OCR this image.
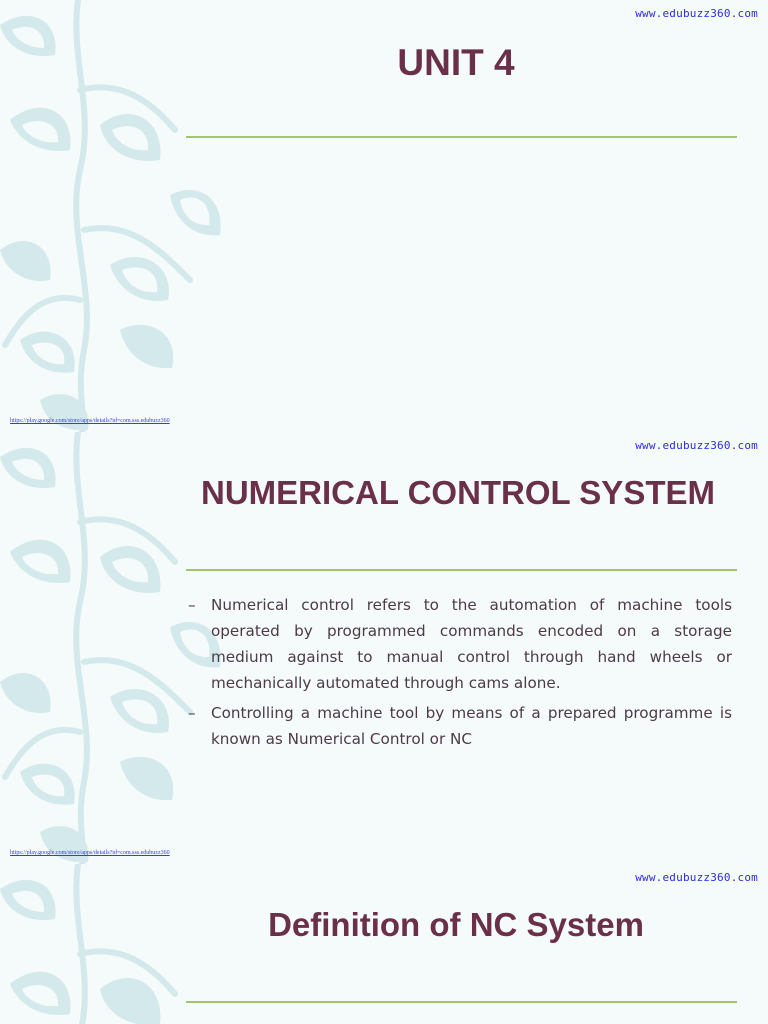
www.edubuzz360.com
UNIT 4
https://play.google.com/store/apps/details?id=com.sss.edubuzz360
www.edubuzz360.com
NUMERICAL CONTROL SYSTEM
– Numerical control refers to the automation of machine tools operated by programmed commands encoded on a storage medium against to manual control through hand wheels or mechanically automated through cams alone.
– Controlling a machine tool by means of a prepared programme is known as Numerical Control or NC
https://play.google.com/store/apps/details?id=com.sss.edubuzz360
www.edubuzz360.com
Definition of NC System
